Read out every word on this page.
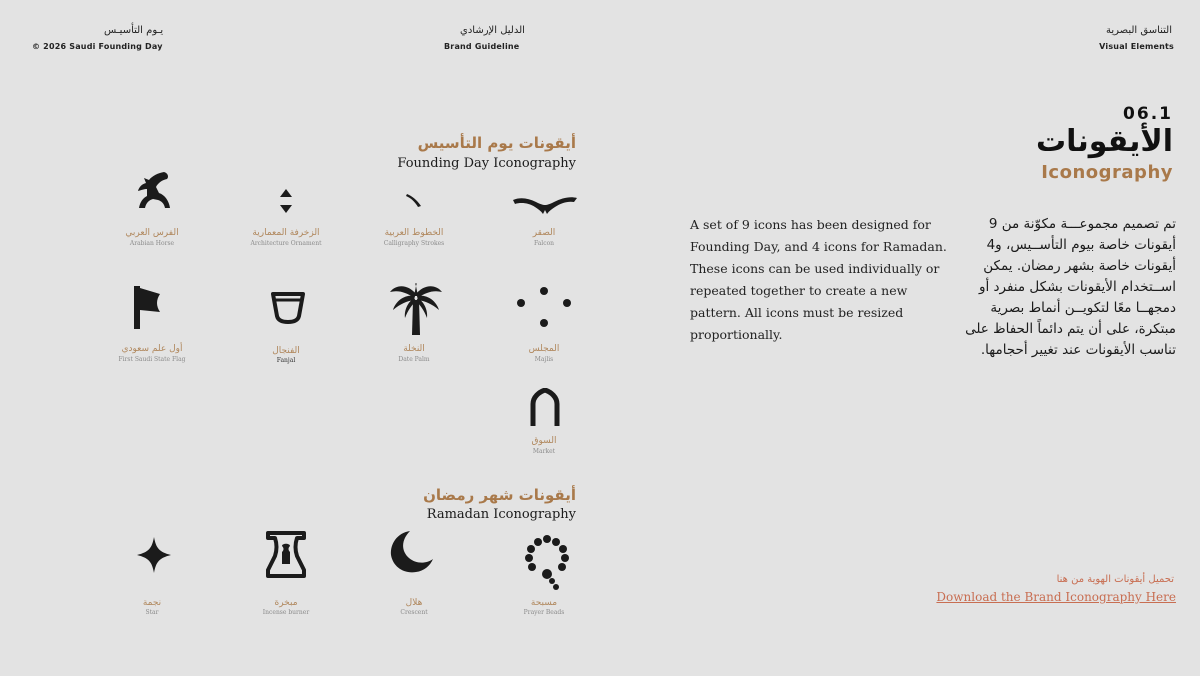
يـوم التأسيـس
© 2026 Saudi Founding Day
الدليل الإرشادي
Brand Guideline
التناسق البصرية
Visual Elements
06.1
الأيقونات
Iconography
أيقونات يوم التأسيس
Founding Day Iconography
الفرس العربي
Arabian Horse
الزخرفة المعمارية
Architecture Ornament
الخطوط العربية
Calligraphy Strokes
الصقر
Falcon
أول علم سعودي
First Saudi State Flag
الفنجال
Fanjal
النخلة
Date Palm
المجلس
Majlis
السوق
Market
أيقونات شهر رمضان
Ramadan Iconography
نجمة
Star
مبخرة
Incense burner
هلال
Crescent
مسبحة
Prayer Beads
A set of 9 icons has been designed for Founding Day, and 4 icons for Ramadan. These icons can be used individually or repeated together to create a new pattern. All icons must be resized proportionally.
تم تصميم مجموعـــة مكوّنة من 9 أيقونات خاصة بيوم التأســيس، و4 أيقونات خاصة بشهر رمضان. يمكن اســتخدام الأيقونات بشكل منفرد أو دمجهــا معًا لتكويــن أنماط بصرية مبتكرة، على أن يتم دائماً الحفاظ على تناسب الأيقونات عند تغيير أحجامها.
تحميل أيقونات الهوية من هنا
Download the Brand Iconography Here
